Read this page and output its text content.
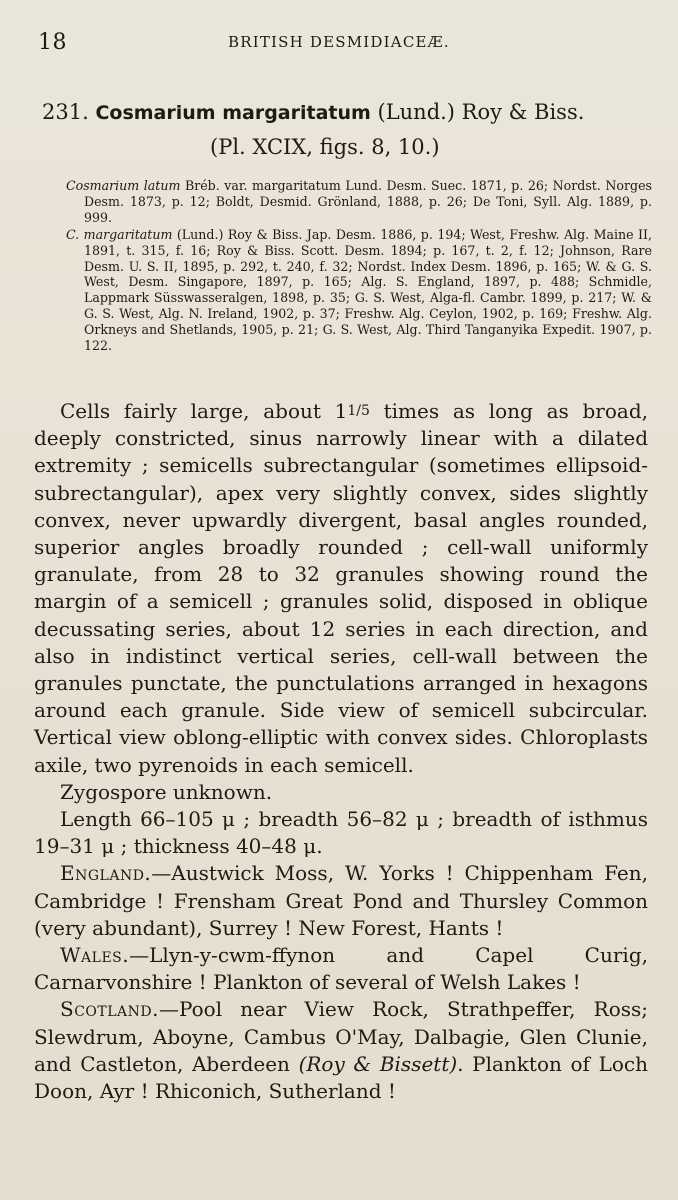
18	BRITISH DESMIDIACEÆ.
231. Cosmarium margaritatum (Lund.) Roy & Biss.
(Pl. XCIX, figs. 8, 10.)

Cosmarium latum Bréb. var. margaritatum Lund. Desm. Suec. 1871, p. 26; Nordst. Norges Desm. 1873, p. 12; Boldt, Desmid. Grönland, 1888, p. 26; De Toni, Syll. Alg. 1889, p. 999.

C. margaritatum (Lund.) Roy & Biss. Jap. Desm. 1886, p. 194; West, Freshw. Alg. Maine II, 1891, t. 315, f. 16; Roy & Biss. Scott. Desm. 1894; p. 167, t. 2, f. 12; Johnson, Rare Desm. U. S. II, 1895, p. 292, t. 240, f. 32; Nordst. Index Desm. 1896, p. 165; W. & G. S. West, Desm. Singapore, 1897, p. 165; Alg. S. England, 1897, p. 488; Schmidle, Lappmark Süsswasseralgen, 1898, p. 35; G. S. West, Alga-fl. Cambr. 1899, p. 217; W. & G. S. West, Alg. N. Ireland, 1902, p. 37; Freshw. Alg. Ceylon, 1902, p. 169; Freshw. Alg. Orkneys and Shetlands, 1905, p. 21; G. S. West, Alg. Third Tanganyika Expedit. 1907, p. 122.

Cells fairly large, about 11/5 times as long as broad, deeply constricted, sinus narrowly linear with a dilated extremity ; semicells subrectangular (sometimes ellipsoid-subrectangular), apex very slightly convex, sides slightly convex, never upwardly divergent, basal angles rounded, superior angles broadly rounded ; cell-wall uniformly granulate, from 28 to 32 granules showing round the margin of a semicell ; granules solid, disposed in oblique decussating series, about 12 series in each direction, and also in indistinct vertical series, cell-wall between the granules punctate, the punctulations arranged in hexagons around each granule. Side view of semicell subcircular. Vertical view oblong-elliptic with convex sides. Chloroplasts axile, two pyrenoids in each semicell.

Zygospore unknown.

Length 66–105 μ ; breadth 56–82 μ ; breadth of isthmus 19–31 μ ; thickness 40–48 μ.

England.—Austwick Moss, W. Yorks ! Chippenham Fen, Cambridge ! Frensham Great Pond and Thursley Common (very abundant), Surrey ! New Forest, Hants !

Wales.—Llyn-y-cwm-ffynon and Capel Curig, Carnarvonshire ! Plankton of several of Welsh Lakes !

Scotland.—Pool near View Rock, Strathpeffer, Ross; Slewdrum, Aboyne, Cambus O'May, Dalbagie, Glen Clunie, and Castleton, Aberdeen (Roy & Bissett). Plankton of Loch Doon, Ayr ! Rhiconich, Sutherland !
